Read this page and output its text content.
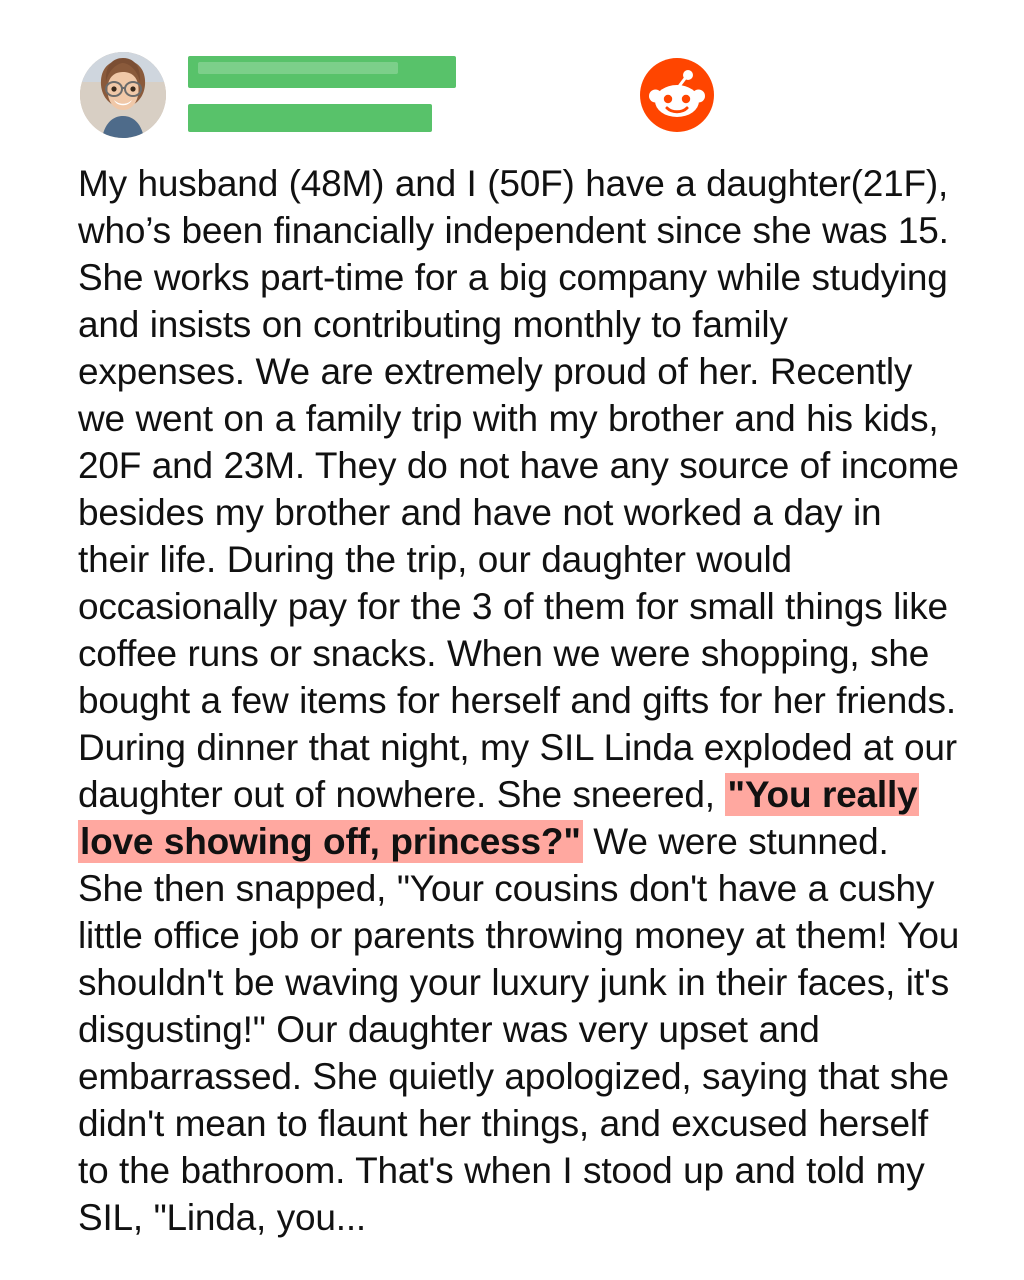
My husband (48M) and I (50F) have a daughter(21F), who’s been financially independent since she was 15. She works part-time for a big company while studying and insists on contributing monthly to family expenses. We are extremely proud of her. Recently we went on a family trip with my brother and his kids, 20F and 23M. They do not have any source of income besides my brother and have not worked a day in their life. During the trip, our daughter would occasionally pay for the 3 of them for small things like coffee runs or snacks. When we were shopping, she bought a few items for herself and gifts for her friends. During dinner that night, my SIL Linda exploded at our daughter out of nowhere. She sneered, "You really love showing off, princess?" We were stunned. She then snapped, "Your cousins don't have a cushy little office job or parents throwing money at them! You shouldn't be waving your luxury junk in their faces, it's disgusting!" Our daughter was very upset and embarrassed. She quietly apologized, saying that she didn't mean to flaunt her things, and excused herself to the bathroom. That's when I stood up and told my SIL, "Linda, you...
